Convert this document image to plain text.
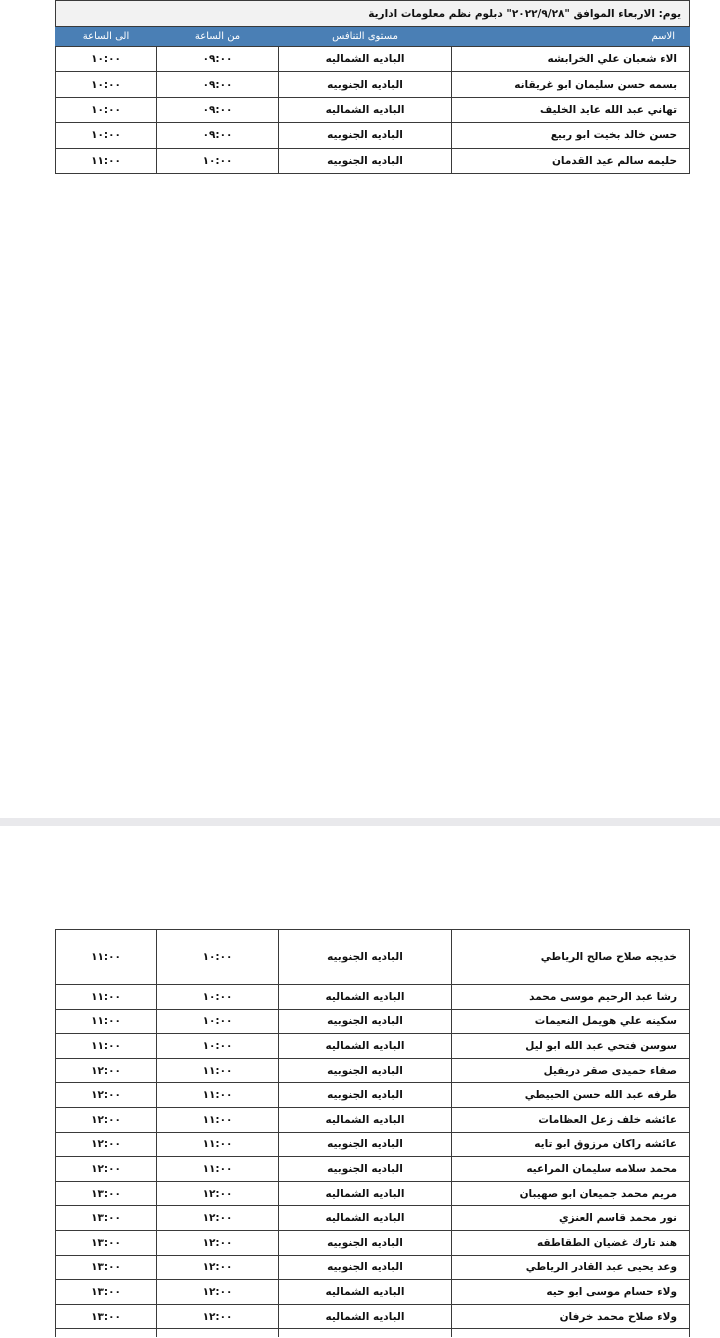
يوم: الاربعاء الموافق "٢٠٢٢/٩/٢٨" دبلوم نظم معلومات ادارية			
الاسم	مستوى التنافس	من الساعة	الى الساعة
الاء شعبان علي الخرابشه	الباديه الشماليه	٠٩:٠٠	١٠:٠٠
بسمه حسن سليمان ابو غريقانه	الباديه الجنوبيه	٠٩:٠٠	١٠:٠٠
تهاني عبد الله عايد الخليف	الباديه الشماليه	٠٩:٠٠	١٠:٠٠
حسن خالد بخيت ابو ربيع	الباديه الجنوبيه	٠٩:٠٠	١٠:٠٠
حليمه سالم عيد القدمان	الباديه الجنوبيه	١٠:٠٠	١١:٠٠
خديجه صلاح صالح الرياطي	الباديه الجنوبيه	١٠:٠٠	١١:٠٠
رشا عبد الرحيم موسى محمد	الباديه الشماليه	١٠:٠٠	١١:٠٠
سكينه علي هويمل النعيمات	الباديه الجنوبيه	١٠:٠٠	١١:٠٠
سوسن فتحي عبد الله ابو ليل	الباديه الشماليه	١٠:٠٠	١١:٠٠
صفاء حميدى صقر دريفيل	الباديه الجنوبيه	١١:٠٠	١٢:٠٠
طرفه عبد الله حسن الحبيطي	الباديه الجنوبيه	١١:٠٠	١٢:٠٠
عائشه خلف زعل العظامات	الباديه الشماليه	١١:٠٠	١٢:٠٠
عائشه راكان مرزوق ابو تايه	الباديه الجنوبيه	١١:٠٠	١٢:٠٠
محمد سلامه سليمان المراعيه	الباديه الجنوبيه	١١:٠٠	١٢:٠٠
مريم محمد جميعان ابو صهيبان	الباديه الشماليه	١٢:٠٠	١٣:٠٠
نور محمد قاسم العنزي	الباديه الشماليه	١٢:٠٠	١٣:٠٠
هند تارك غضيان الطقاطقه	الباديه الجنوبيه	١٢:٠٠	١٣:٠٠
وعد يحيى عبد القادر الرياطي	الباديه الجنوبيه	١٢:٠٠	١٣:٠٠
ولاء حسام موسى ابو حيه	الباديه الشماليه	١٢:٠٠	١٣:٠٠
ولاء صلاح محمد خرفان	الباديه الشماليه	١٢:٠٠	١٣:٠٠
